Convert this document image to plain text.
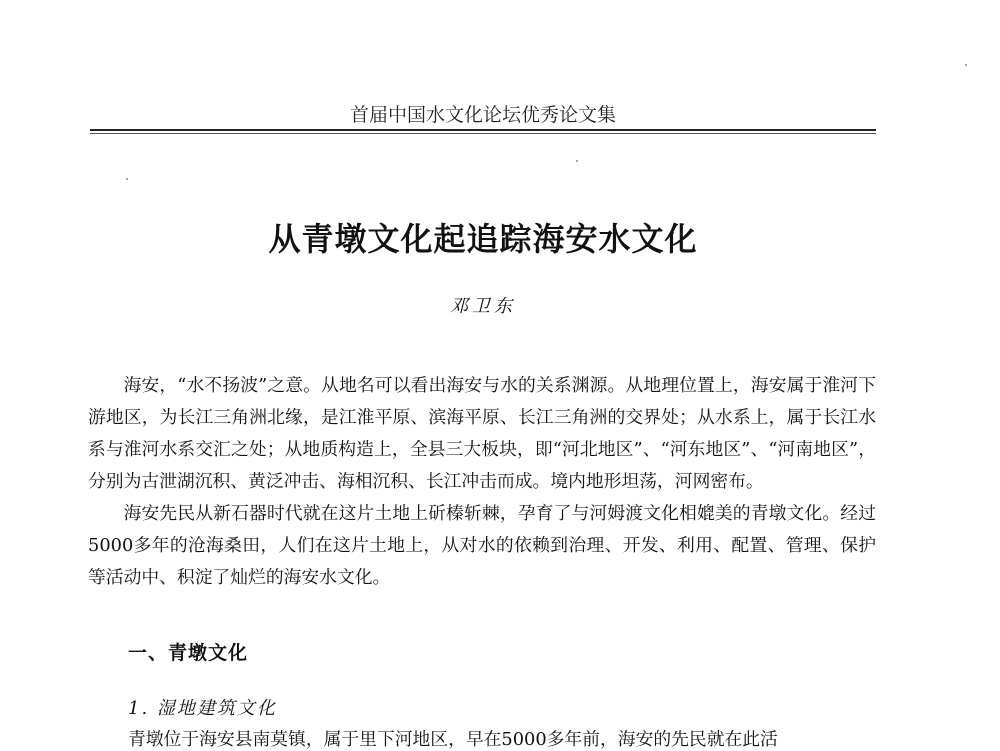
首届中国水文化论坛优秀论文集
从青墩文化起追踪海安水文化
邓卫东

海安，“水不扬波”之意。从地名可以看出海安与水的关系渊源。从地理位置上，海安属于淮河下游地区，为长江三角洲北缘，是江淮平原、滨海平原、长江三角洲的交界处；从水系上，属于长江水系与淮河水系交汇之处；从地质构造上，全县三大板块，即“河北地区”、“河东地区”、“河南地区”，分别为古泄湖沉积、黄泛冲击、海相沉积、长江冲击而成。境内地形坦荡，河网密布。

海安先民从新石器时代就在这片土地上斫榛斩棘，孕育了与河姆渡文化相媲美的青墩文化。经过5000多年的沧海桑田，人们在这片土地上，从对水的依赖到治理、开发、利用、配置、管理、保护等活动中、积淀了灿烂的海安水文化。

一、青墩文化
1. 湿地建筑文化
青墩位于海安县南莫镇，属于里下河地区，早在5000多年前，海安的先民就在此活
